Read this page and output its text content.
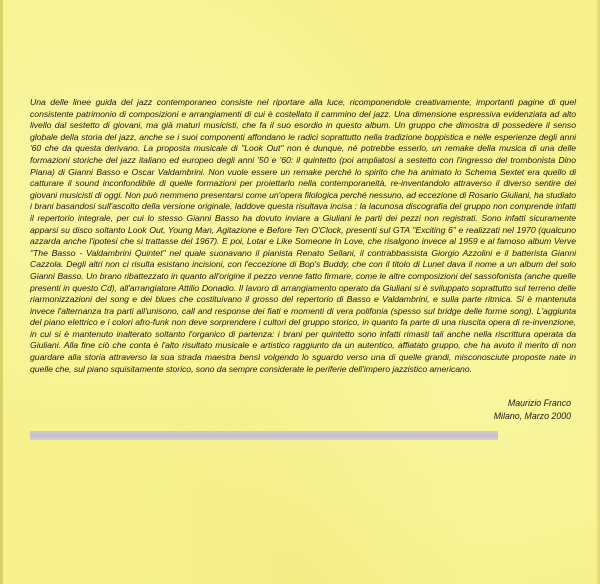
Una delle linee guida del jazz contemporaneo consiste nel riportare alla luce, ricomponendole creativamente, importanti pagine di quel consistente patrimonio di composizioni e arrangiamenti di cui è costellato il cammino del jazz. Una dimensione espressiva evidenziata ad alto livello dal sestetto di giovani, ma già maturi musicisti, che fa il suo esordio in questo album. Un gruppo che dimostra di possedere il senso globale della storia del jazz, anche se i suoi componenti affondano le radici soprattutto nella tradizione boppistica e nelle esperienze degli anni '60 che da questa derivano. La proposta musicale di "Look Out" non è dunque, né potrebbe esserlo, un remake della musica di una delle formazioni storiche del jazz italiano ed europeo degli anni '50 e '60: il quintetto (poi ampliatosi a sestetto con l'ingresso del trombonista Dino Piana) di Gianni Basso e Oscar Valdambrini. Non vuole essere un remake perché lo spirito che ha animato lo Schema Sextet era quello di catturare il sound inconfondibile di quelle formazioni per proiettarlo nella contemporaneità, re-inventandolo attraverso il diverso sentire dei giovani musicisti di oggi. Non può nemmeno presentarsi come un'opera filologica perché nessuno, ad eccezione di Rosario Giuliani, ha studiato i brani basandosi sull'ascolto della versione originale, laddove questa risultava incisa : la lacunosa discografia del gruppo non comprende infatti il repertorio integrale, per cui lo stesso Gianni Basso ha dovuto inviare a Giuliani le parti dei pezzi non registrati. Sono infatti sicuramente apparsi su disco soltanto Look Out, Young Man, Agitazione e Before Ten O'Clock, presenti sul GTA "Exciting 6" e realizzati nel 1970 (qualcuno azzarda anche l'ipotesi che si trattasse del 1967). E poi, Lotar e Like Someone In Love, che risalgono invece al 1959 e al famoso album Verve "The Basso - Valdambrini Quintet" nel quale suonavano il pianista Renato Sellani, il contrabbassista Giorgio Azzolini e il batterista Gianni Cazzola. Degli altri non ci risulta esistano incisioni, con l'eccezione di Bop's Buddy, che con il titolo di Lunet dava il nome a un album del solo Gianni Basso. Un brano ribattezzato in quanto all'origine il pezzo venne fatto firmare, come le altre composizioni del sassofonista (anche quelle presenti in questo Cd), all'arrangiatore Attilio Donadio. Il lavoro di arrangiamento operato da Giuliani si è sviluppato soprattutto sul terreno delle riarmonizzazioni dei song e dei blues che costituivano il grosso del repertorio di Basso e Valdambrini, e sulla parte ritmica. Si è mantenuta invece l'alternanza tra parti all'unisono, call and response dei fiati e momenti di vera polifonia (spesso sul bridge delle forme song). L'aggiunta del piano elettrico e i colori afro-funk non deve sorprendere i cultori del gruppo storico, in quanto fa parte di una riuscita opera di re-invenzione, in cui si è mantenuto inalterato soltanto l'organico di partenza: i brani per quintetto sono infatti rimasti tali anche nella riscrittura operata da Giuliani. Alla fine ciò che conta è l'alto risultato musicale e artistico raggiunto da un autentico, affiatato gruppo, che ha avuto il merito di non guardare alla storia attraverso la sua strada maestra bensì volgendo lo sguardo verso una di quelle grandi, misconosciute proposte nate in quelle che, sul piano squisitamente storico, sono da sempre considerate le periferie dell'impero jazzistico americano.

Maurizio Franco
Milano, Marzo 2000
